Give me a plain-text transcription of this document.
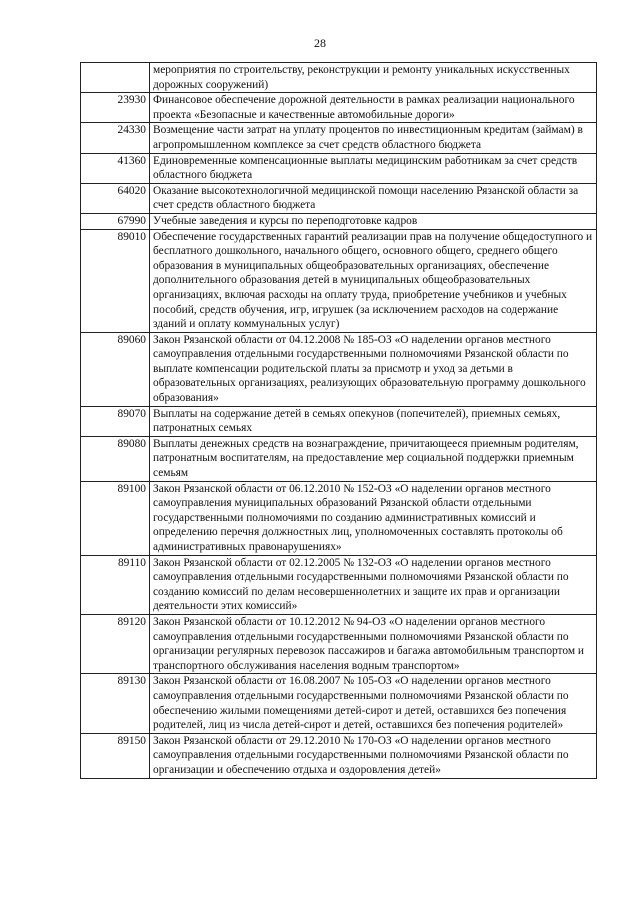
28
	мероприятия по строительству, реконструкции и ремонту уникальных искусственных дорожных сооружений)
23930	Финансовое обеспечение дорожной деятельности в рамках реализации национального проекта «Безопасные и качественные автомобильные дороги»
24330	Возмещение части затрат на уплату процентов по инвестиционным кредитам (займам) в агропромышленном комплексе за счет средств областного бюджета
41360	Единовременные компенсационные выплаты медицинским работникам за счет средств областного бюджета
64020	Оказание высокотехнологичной медицинской помощи населению Рязанской области за счет средств областного бюджета
67990	Учебные заведения и курсы по переподготовке кадров
89010	Обеспечение государственных гарантий реализации прав на получение общедоступного и бесплатного дошкольного, начального общего, основного общего, среднего общего образования в муниципальных общеобразовательных организациях, обеспечение дополнительного образования детей в муниципальных общеобразовательных организациях, включая расходы на оплату труда, приобретение учебников и учебных пособий, средств обучения, игр, игрушек (за исключением расходов на содержание зданий и оплату коммунальных услуг)
89060	Закон Рязанской области от 04.12.2008 № 185-ОЗ «О наделении органов местного самоуправления отдельными государственными полномочиями Рязанской области по выплате компенсации родительской платы за присмотр и уход за детьми в образовательных организациях, реализующих образовательную программу дошкольного образования»
89070	Выплаты на содержание детей в семьях опекунов (попечителей), приемных семьях, патронатных семьях
89080	Выплаты денежных средств на вознаграждение, причитающееся приемным родителям, патронатным воспитателям, на предоставление мер социальной поддержки приемным семьям
89100	Закон Рязанской области от 06.12.2010 № 152-ОЗ «О наделении органов местного самоуправления муниципальных образований Рязанской области отдельными государственными полномочиями по созданию административных комиссий и определению перечня должностных лиц, уполномоченных составлять протоколы об административных правонарушениях»
89110	Закон Рязанской области от 02.12.2005 № 132-ОЗ «О наделении органов местного самоуправления отдельными государственными полномочиями Рязанской области по созданию комиссий по делам несовершеннолетних и защите их прав и организации деятельности этих комиссий»
89120	Закон Рязанской области от 10.12.2012 № 94-ОЗ «О наделении органов местного самоуправления отдельными государственными полномочиями Рязанской области по организации регулярных перевозок пассажиров и багажа автомобильным транспортом и транспортного обслуживания населения водным транспортом»
89130	Закон Рязанской области от 16.08.2007 № 105-ОЗ «О наделении органов местного самоуправления отдельными государственными полномочиями Рязанской области по обеспечению жилыми помещениями детей-сирот и детей, оставшихся без попечения родителей, лиц из числа детей-сирот и детей, оставшихся без попечения родителей»
89150	Закон Рязанской области от 29.12.2010 № 170-ОЗ «О наделении органов местного самоуправления отдельными государственными полномочиями Рязанской области по организации и обеспечению отдыха и оздоровления детей»
